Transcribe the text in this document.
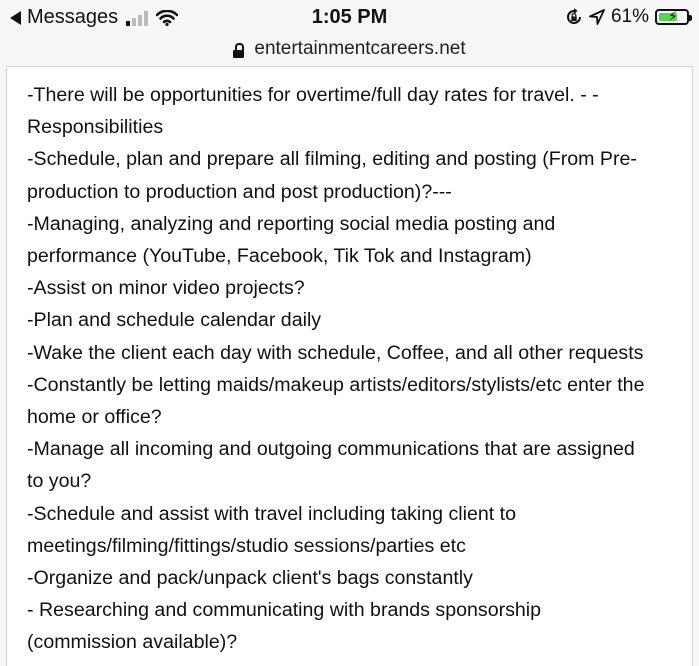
Messages	1:05 PM	61% ⚡
entertainmentcareers.net
-There will be opportunities for overtime/full day rates for travel. - -
Responsibilities
-Schedule, plan and prepare all filming, editing and posting (From Pre-
production to production and post production)?---
-Managing, analyzing and reporting social media posting and
performance (YouTube, Facebook, Tik Tok and Instagram)
-Assist on minor video projects?
-Plan and schedule calendar daily
-Wake the client each day with schedule, Coffee, and all other requests
-Constantly be letting maids/makeup artists/editors/stylists/etc enter the
home or office?
-Manage all incoming and outgoing communications that are assigned
to you?
-Schedule and assist with travel including taking client to
meetings/filming/fittings/studio sessions/parties etc
-Organize and pack/unpack client's bags constantly
- Researching and communicating with brands sponsorship
(commission available)?
